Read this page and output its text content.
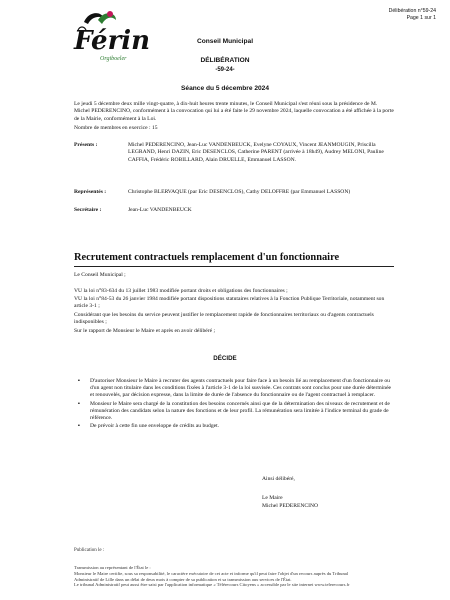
Férin
Orgiboeler
Délibération n°59-24
Page 1 sur 1
Conseil Municipal
DÉLIBÉRATION
-59-24-
Séance du 5 décembre 2024
Le jeudi 5 décembre deux mille vingt-quatre, à dix-huit heures trente minutes, le Conseil Municipal s'est réuni sous la présidence de M. Michel PEDERENCINO, conformément à la convocation qui lui a été faite le 29 novembre 2024, laquelle convocation a été affichée à la porte de la Mairie, conformément à la Loi.
Nombre de membres en exercice : 15
Présents :	Michel PEDERENCINO, Jean-Luc VANDENBEUCK, Evelyne COYAUX, Vincent JEANMOUGIN, Priscilla LEGRAND, Henri DAZIN, Eric DESENCLOS, Catherine PARENT (arrivée à 18h49), Audrey MELONI, Pauline CAFFIA, Frédéric ROBILLARD, Alain DRUELLE, Emmanuel LASSON.
Représentés :	Christophe BLERVAQUE (par Eric DESENCLOS), Cathy DELOFFRE (par Emmanuel LASSON)
Secrétaire :	Jean-Luc VANDENBEUCK
Recrutement contractuels remplacement d'un fonctionnaire
Le Conseil Municipal ;
VU la loi n°83-634 du 13 juillet 1983 modifiée portant droits et obligations des fonctionnaires ;
VU la loi n°84-53 du 26 janvier 1984 modifiée portant dispositions statutaires relatives à la Fonction Publique Territoriale, notamment son article 3-1 ;
Considérant que les besoins du service peuvent justifier le remplacement rapide de fonctionnaires territoriaux ou d'agents contractuels indisponibles ;
Sur le rapport de Monsieur le Maire et après en avoir délibéré ;
DÉCIDE
▪ D'autoriser Monsieur le Maire à recruter des agents contractuels pour faire face à un besoin lié au remplacement d'un fonctionnaire ou d'un agent non titulaire dans les conditions fixées à l'article 3-1 de la loi susvisée. Ces contrats sont conclus pour une durée déterminée et renouvelés, par décision expresse, dans la limite de durée de l'absence du fonctionnaire ou de l'agent contractuel à remplacer.
▪ Monsieur le Maire sera chargé de la constitution des besoins concernés ainsi que de la détermination des niveaux de recrutement et de rémunération des candidats selon la nature des fonctions et de leur profil. La rémunération sera limitée à l'indice terminal du grade de référence.
▪ De prévoir à cette fin une enveloppe de crédits au budget.
Ainsi délibéré,
Le Maire
Michel PEDERENCINO
Publication le :
Transmission au représentant de l'État le :
Monsieur le Maire certifie, sous sa responsabilité, le caractère exécutoire de cet acte et informe qu'il peut faire l'objet d'un recours auprès du Tribunal
Administratif de Lille dans un délai de deux mois à compter de sa publication et sa transmission aux services de l'État.
Le tribunal Administratif peut aussi être saisi par l'application informatique « Télérecours Citoyens » accessible par le site internet www.telerecours.fr
